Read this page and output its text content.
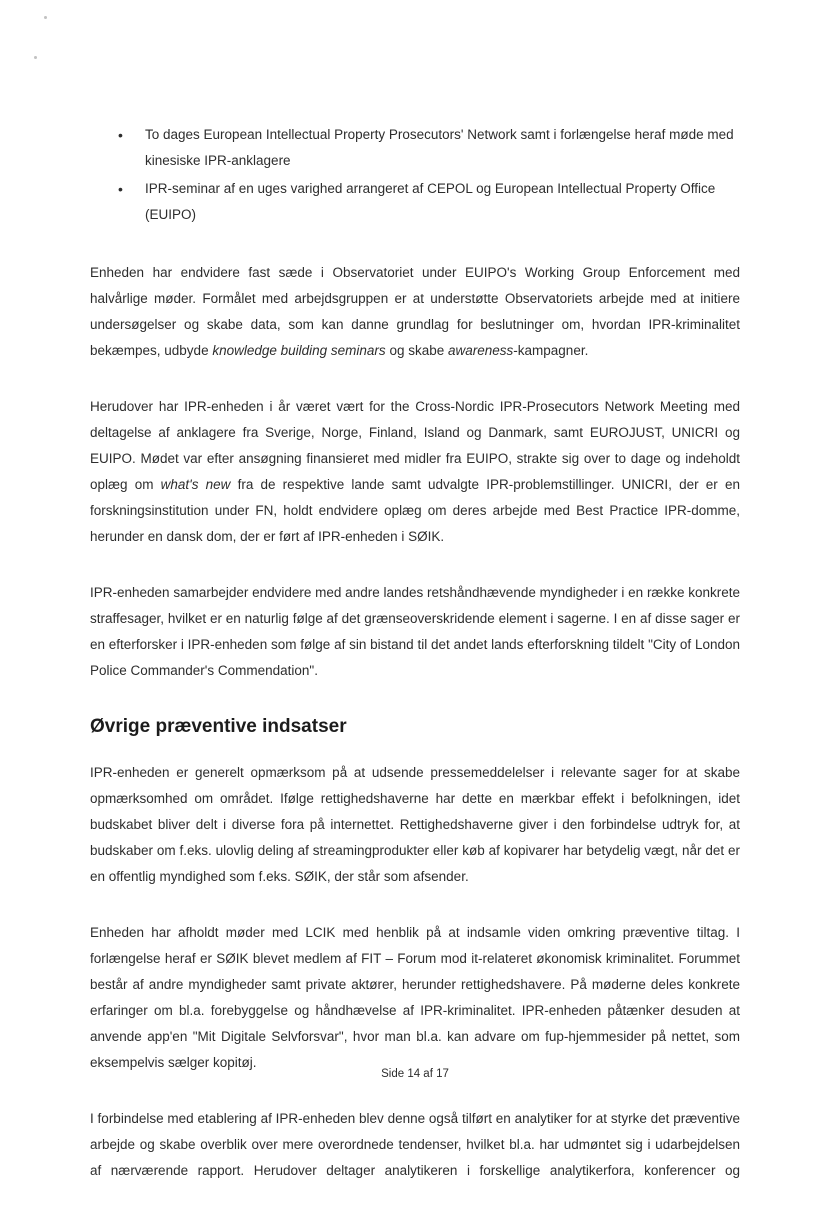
• To dages European Intellectual Property Prosecutors' Network samt i forlængelse heraf møde med kinesiske IPR-anklagere
• IPR-seminar af en uges varighed arrangeret af CEPOL og European Intellectual Property Office (EUIPO)

Enheden har endvidere fast sæde i Observatoriet under EUIPO's Working Group Enforcement med halvårlige møder. Formålet med arbejdsgruppen er at understøtte Observatoriets arbejde med at initiere undersøgelser og skabe data, som kan danne grundlag for beslutninger om, hvordan IPR-kriminalitet bekæmpes, udbyde knowledge building seminars og skabe awareness-kampagner.

Herudover har IPR-enheden i år været vært for the Cross-Nordic IPR-Prosecutors Network Meeting med deltagelse af anklagere fra Sverige, Norge, Finland, Island og Danmark, samt EUROJUST, UNICRI og EUIPO. Mødet var efter ansøgning finansieret med midler fra EUIPO, strakte sig over to dage og indeholdt oplæg om what's new fra de respektive lande samt udvalgte IPR-problemstillinger. UNICRI, der er en forskningsinstitution under FN, holdt endvidere oplæg om deres arbejde med Best Practice IPR-domme, herunder en dansk dom, der er ført af IPR-enheden i SØIK.

IPR-enheden samarbejder endvidere med andre landes retshåndhævende myndigheder i en række konkrete straffesager, hvilket er en naturlig følge af det grænseoverskridende element i sagerne. I en af disse sager er en efterforsker i IPR-enheden som følge af sin bistand til det andet lands efterforskning tildelt "City of London Police Commander's Commendation".

Øvrige præventive indsatser

IPR-enheden er generelt opmærksom på at udsende pressemeddelelser i relevante sager for at skabe opmærksomhed om området. Ifølge rettighedshaverne har dette en mærkbar effekt i befolkningen, idet budskabet bliver delt i diverse fora på internettet. Rettighedshaverne giver i den forbindelse udtryk for, at budskaber om f.eks. ulovlig deling af streamingprodukter eller køb af kopivarer har betydelig vægt, når det er en offentlig myndighed som f.eks. SØIK, der står som afsender.

Enheden har afholdt møder med LCIK med henblik på at indsamle viden omkring præventive tiltag. I forlængelse heraf er SØIK blevet medlem af FIT – Forum mod it-relateret økonomisk kriminalitet. Forummet består af andre myndigheder samt private aktører, herunder rettighedshavere. På møderne deles konkrete erfaringer om bl.a. forebyggelse og håndhævelse af IPR-kriminalitet. IPR-enheden påtænker desuden at anvende app'en "Mit Digitale Selvforsvar", hvor man bl.a. kan advare om fup-hjemmesider på nettet, som eksempelvis sælger kopitøj.

I forbindelse med etablering af IPR-enheden blev denne også tilført en analytiker for at styrke det præventive arbejde og skabe overblik over mere overordnede tendenser, hvilket bl.a. har udmøntet sig i udarbejdelsen af nærværende rapport. Herudover deltager analytikeren i forskellige analytikerfora, konferencer og

Side 14 af 17
